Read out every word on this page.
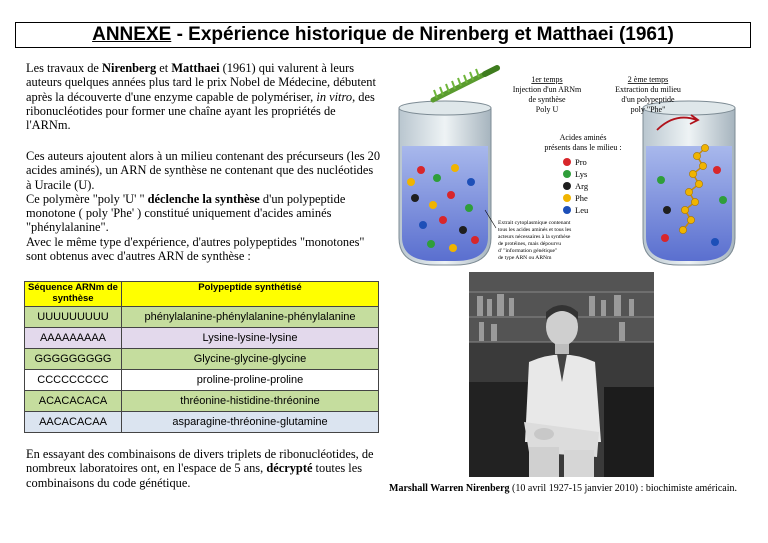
ANNEXE - Expérience historique de Nirenberg et Matthaei (1961)
Les travaux de Nirenberg et Matthaei (1961) qui valurent à leurs auteurs quelques années plus tard le prix Nobel de Médecine, débutent après la découverte d'une enzyme capable de polymériser, in vitro, des ribonucléotides pour former une chaîne ayant les propriétés de l'ARNm.
Ces auteurs ajoutent alors à un milieu contenant des précurseurs (les 20 acides aminés), un ARN de synthèse ne contenant que des nucléotides à Uracile (U).
Ce polymère "poly 'U' " déclenche la synthèse d'un polypeptide monotone ( poly 'Phe' ) constitué uniquement d'acides aminés "phénylalanine".
Avec le même type d'expérience, d'autres polypeptides "monotones" sont obtenus avec d'autres ARN de synthèse :
Séquence ARNm de synthèse	Polypeptide synthétisé
UUUUUUUUU	phénylalanine-phénylalanine-phénylalanine
AAAAAAAAA	Lysine-lysine-lysine
GGGGGGGGG	Glycine-glycine-glycine
CCCCCCCCC	proline-proline-proline
ACACACACA	thréonine-histidine-thréonine
AACACACAA	asparagine-thréonine-glutamine
En essayant des combinaisons de divers triplets de ribonucléotides, de nombreux laboratoires ont, en l'espace de 5 ans, décrypté toutes les combinaisons du code génétique.
1er temps
Injection d'un ARNm
de synthèse
Poly U
2 ème temps
Extraction du milieu
d'un polypeptide
poly "Phe"
Acides aminés
présents dans le milieu :
Pro
Lys
Arg
Phe
Leu
Extrait cytoplasmique contenant
tous les acides aminés et tous les
acteurs nécessaires à la synthèse
de protéines, mais dépourvu
d' "information génétique"
de type ARN ou ARNm
Marshall Warren Nirenberg (10 avril 1927-15 janvier 2010) : biochimiste américain.
